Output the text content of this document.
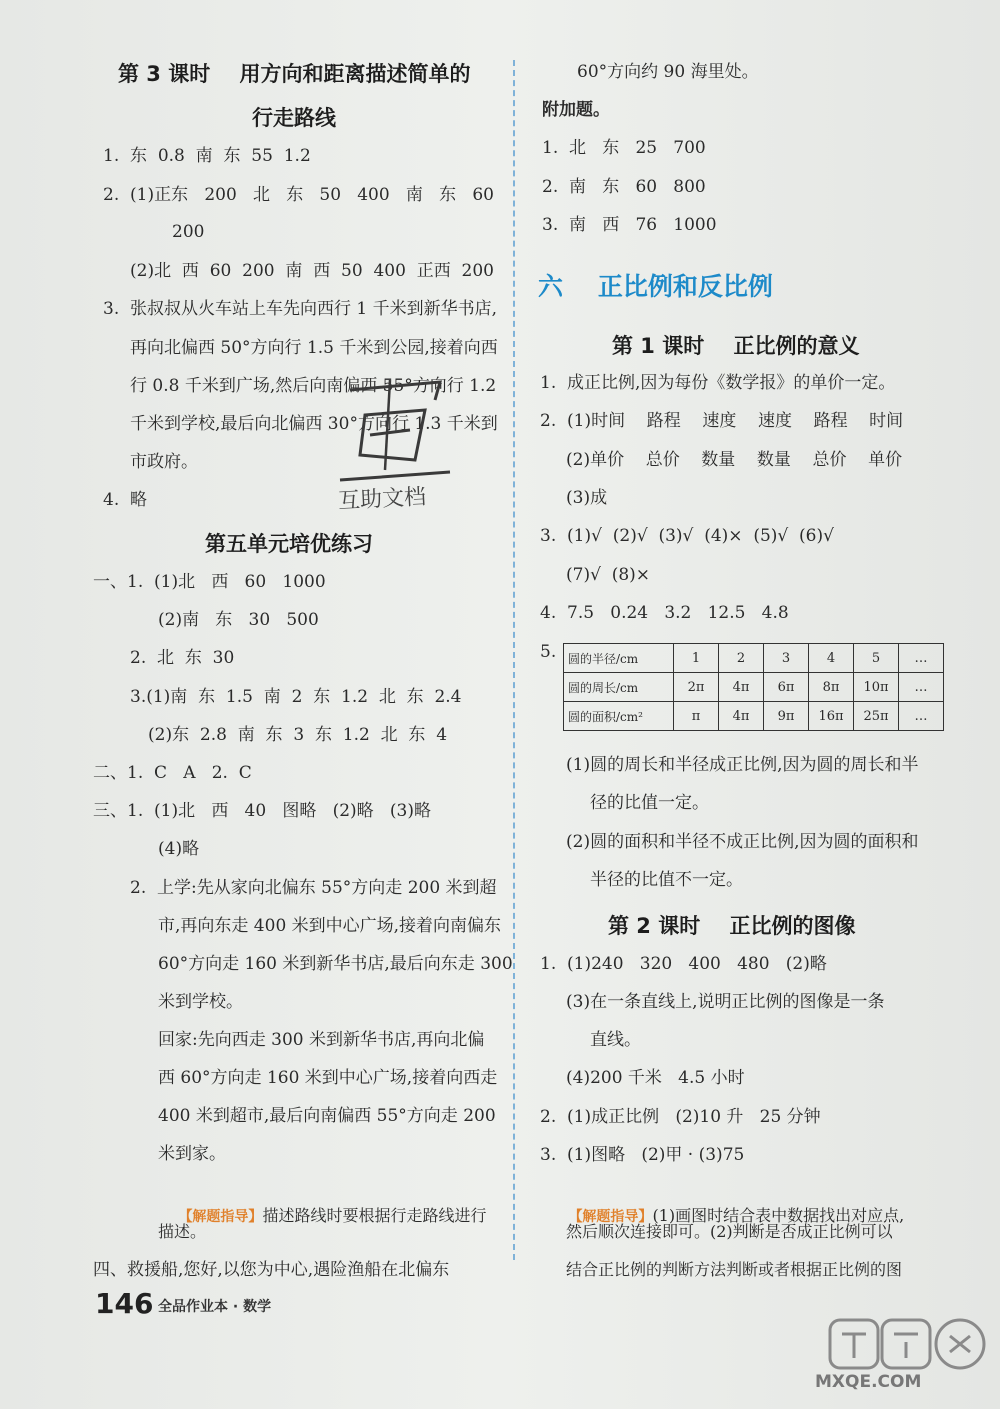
第 3 课时    用方向和距离描述简单的
行走路线
1.  东  0.8  南  东  55  1.2
2.  (1)正东   200   北   东   50   400   南   东   60
200
(2)北  西  60  200  南  西  50  400  正西  200
3.  张叔叔从火车站上车先向西行 1 千米到新华书店,
再向北偏西 50°方向行 1.5 千米到公园,接着向西
行 0.8 千米到广场,然后向南偏西 55°方向行 1.2
千米到学校,最后向北偏西 30°方向行 1.3 千米到
市政府。
4.  略
第五单元培优练习
一、1.  (1)北   西   60   1000
(2)南   东   30   500
2.  北  东  30
3.(1)南  东  1.5  南  2  东  1.2  北  东  2.4
(2)东  2.8  南  东  3  东  1.2  北  东  4
二、1.  C   A   2.  C
三、1.  (1)北   西   40   图略   (2)略   (3)略
(4)略
2.  上学:先从家向北偏东 55°方向走 200 米到超
市,再向东走 400 米到中心广场,接着向南偏东
60°方向走 160 米到新华书店,最后向东走 300
米到学校。
回家:先向西走 300 米到新华书店,再向北偏
西 60°方向走 160 米到中心广场,接着向西走
400 米到超市,最后向南偏西 55°方向走 200
米到家。

【解题指导】描述路线时要根据行走路线进行

描述。
四、救援船,您好,以您为中心,遇险渔船在北偏东
146 全品作业本 · 数学
互助文档
60°方向约 90 海里处。
附加题。
1.  北   东   25   700
2.  南   东   60   800
3.  南   西   76   1000
六    正比例和反比例
第 1 课时    正比例的意义
1.  成正比例,因为每份《数学报》的单价一定。
2.  (1)时间    路程    速度    速度    路程    时间
(2)单价    总价    数量    数量    总价    单价
(3)成
3.  (1)√  (2)√  (3)√  (4)×  (5)√  (6)√
(7)√  (8)×
4.  7.5   0.24   3.2   12.5   4.8
5. 圆的半径/cm	1	2	3	4	5	…
圆的周长/cm	2π	4π	6π	8π	10π	…
圆的面积/cm²	π	4π	9π	16π	25π	…
(1)圆的周长和半径成正比例,因为圆的周长和半
径的比值一定。
(2)圆的面积和半径不成正比例,因为圆的面积和
半径的比值不一定。
第 2 课时    正比例的图像
1.  (1)240   320   400   480   (2)略
(3)在一条直线上,说明正比例的图像是一条
直线。
(4)200 千米   4.5 小时
2.  (1)成正比例   (2)10 升   25 分钟
3.  (1)图略   (2)甲 · (3)75

【解题指导】(1)画图时结合表中数据找出对应点,

然后顺次连接即可。(2)判断是否成正比例可以
结合正比例的判断方法判断或者根据正比例的图
MXQE.COM
